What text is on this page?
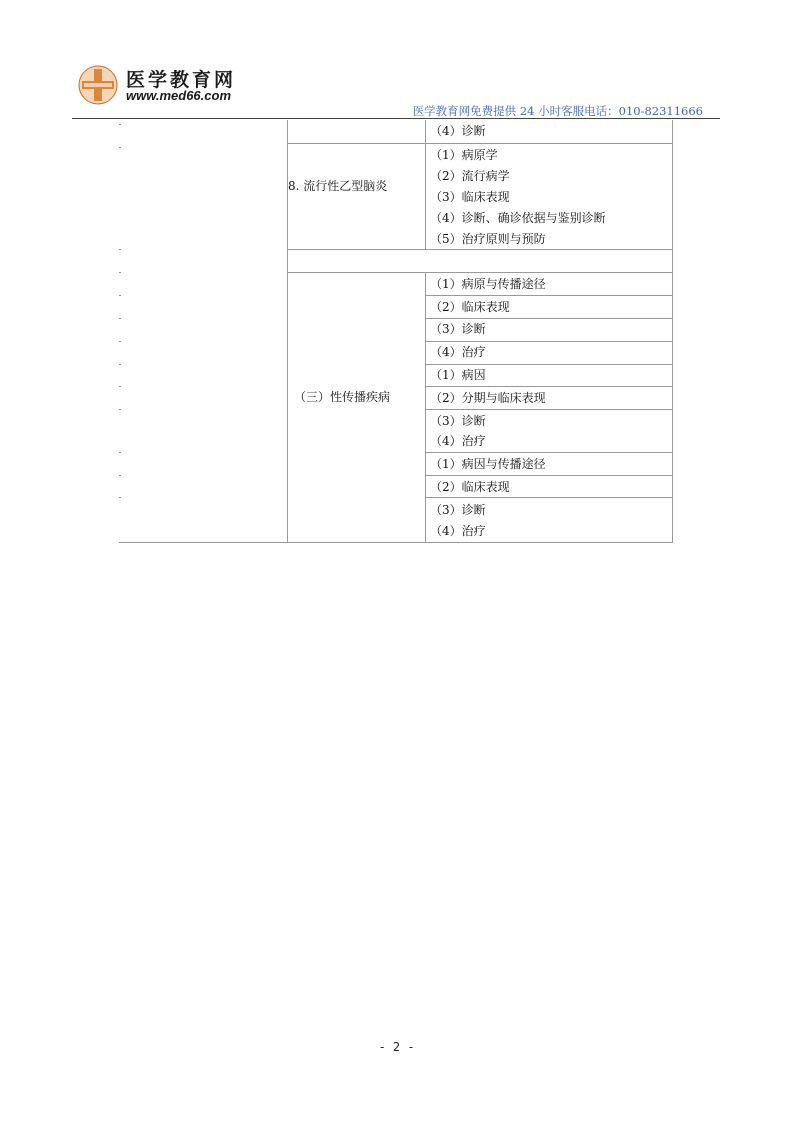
医学教育网
www.med66.com
医学教育网免费提供 24 小时客服电话：010-82311666
（4）诊断
8. 流行性乙型脑炎
（1）病原学
（2）流行病学
（3）临床表现
（4）诊断、确诊依据与鉴别诊断
（5）治疗原则与预防
（三）性传播疾病
（1）病原与传播途径
（2）临床表现
（3）诊断
（4）治疗
（1）病因
（2）分期与临床表现
（3）诊断
（4）治疗
（1）病因与传播途径
（2）临床表现
（3）诊断
（4）治疗
- 2 -
